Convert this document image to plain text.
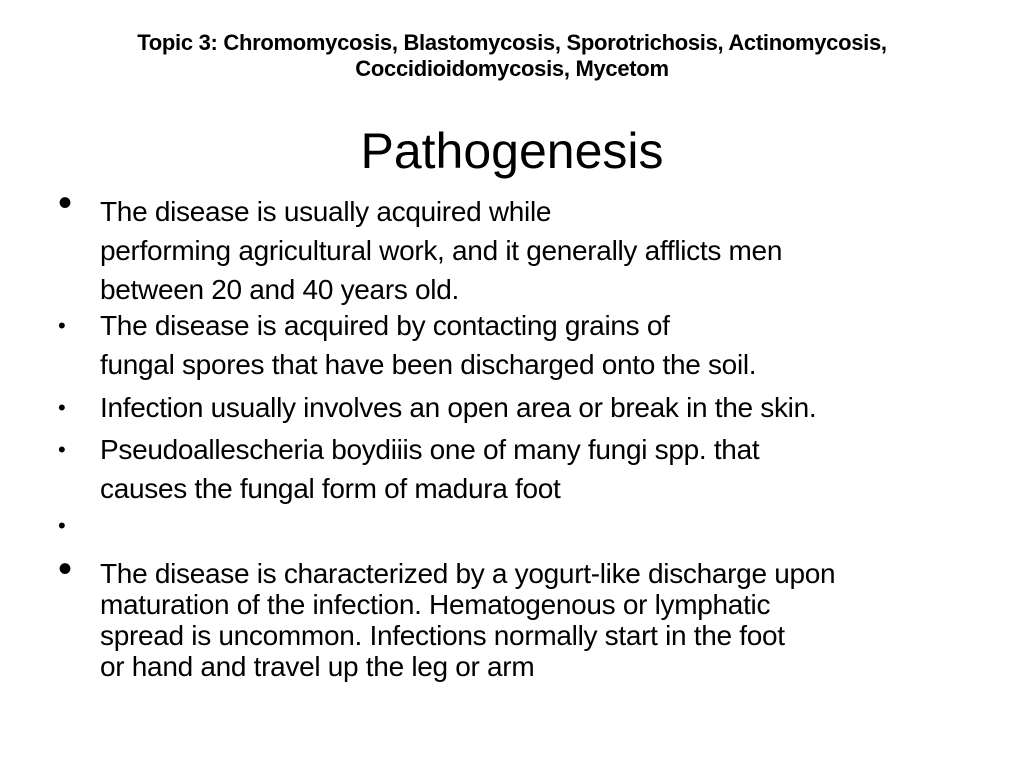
Topic 3: Chromomycosis, Blastomycosis, Sporotrichosis, Actinomycosis,
Coccidioidomycosis, Mycetom
Pathogenesis
• The disease is usually acquired while
performing agricultural work, and it generally afflicts men
between 20 and 40 years old.
•	The disease is acquired by contacting grains of
fungal spores that have been discharged onto the soil.
•	Infection usually involves an open area or break in the skin.
•	Pseudoallescheria boydiiis one of many fungi spp. that
causes the fungal form of madura foot
•
• The disease is characterized by a yogurt-like discharge upon
maturation of the infection. Hematogenous or lymphatic
spread is uncommon. Infections normally start in the foot
or hand and travel up the leg or arm
